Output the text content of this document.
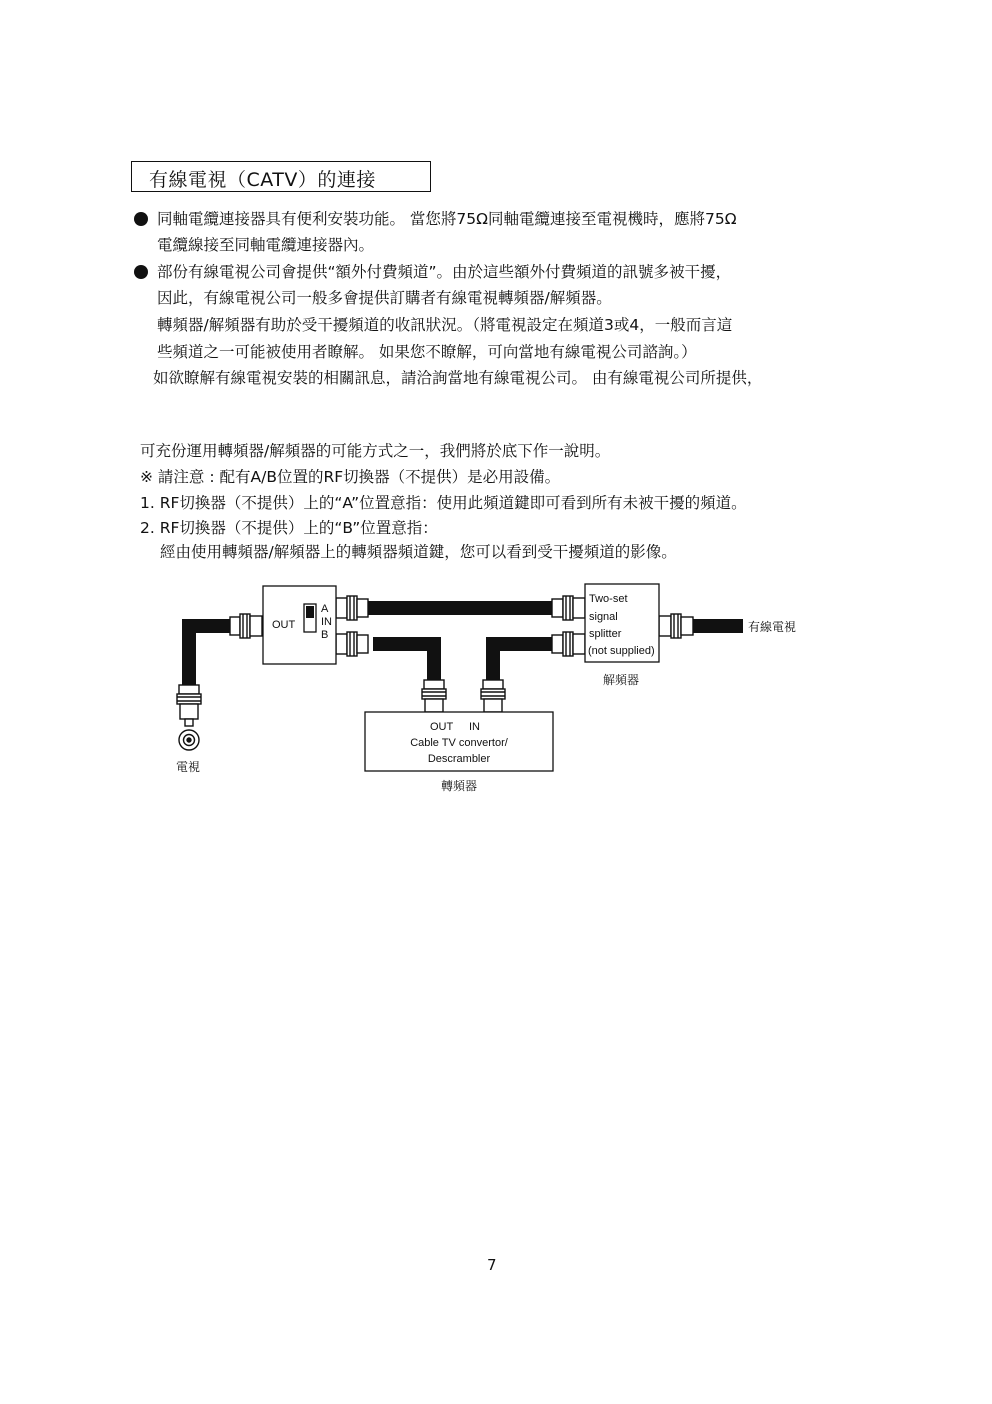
有線電視（CATV）的連接
同軸電纜連接器具有便利安裝功能。 當您將75Ω同軸電纜連接至電視機時，應將75Ω
電纜線接至同軸電纜連接器內。
部份有線電視公司會提供“額外付費頻道”。由於這些額外付費頻道的訊號多被干擾，
因此，有線電視公司一般多會提供訂購者有線電視轉頻器/解頻器。
轉頻器/解頻器有助於受干擾頻道的收訊狀況。（將電視設定在頻道3或4，一般而言這
些頻道之一可能被使用者瞭解。 如果您不瞭解，可向當地有線電視公司諮詢。）
如欲瞭解有線電視安裝的相關訊息，請洽詢當地有線電視公司。 由有線電視公司所提供，
可充份運用轉頻器/解頻器的可能方式之一，我們將於底下作一說明。
※ 請注意 : 配有A/B位置的RF切換器（不提供）是必用設備。
1. RF切換器（不提供）上的“A”位置意指：使用此頻道鍵即可看到所有未被干擾的頻道。
2. RF切換器（不提供）上的“B”位置意指：
經由使用轉頻器/解頻器上的轉頻器頻道鍵，您可以看到受干擾頻道的影像。
OUT
A
IN
B
Two-set
signal
splitter
(not supplied)
解頻器
OUT IN
Cable TV convertor/
Descrambler
轉頻器
有線電視
電視
7
